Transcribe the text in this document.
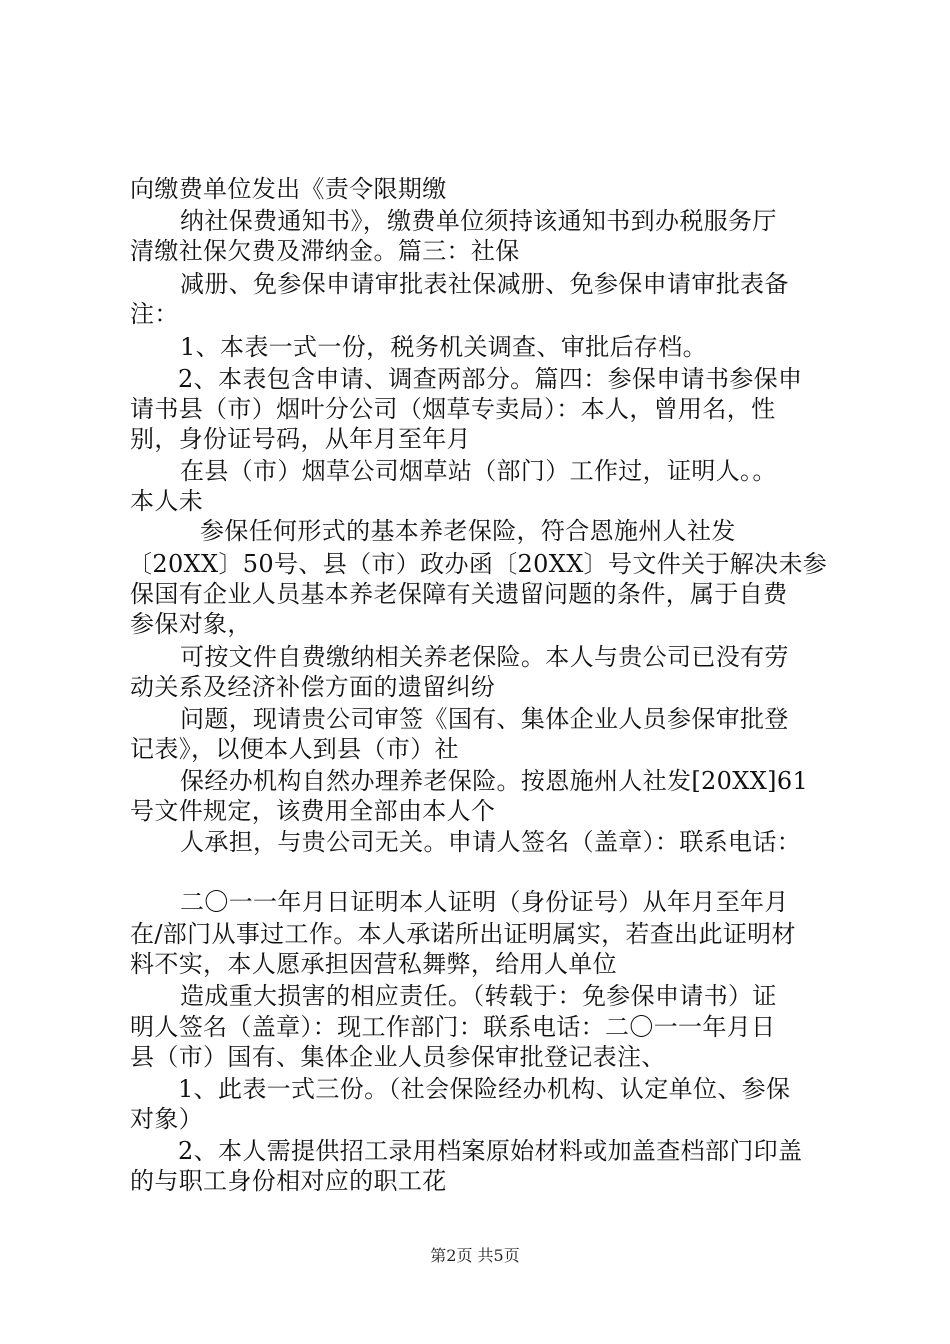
向缴费单位发出《责令限期缴
纳社保费通知书》，缴费单位须持该通知书到办税服务厅
清缴社保欠费及滞纳金。篇三：社保
减册、免参保申请审批表社保减册、免参保申请审批表备
注：
1、本表一式一份，税务机关调查、审批后存档。
2、本表包含申请、调查两部分。篇四：参保申请书参保申
请书县（市）烟叶分公司（烟草专卖局）：本人，曾用名，性
别，身份证号码，从年月至年月
在县（市）烟草公司烟草站（部门）工作过，证明人。。
本人未
参保任何形式的基本养老保险，符合恩施州人社发
〔20XX〕50号、县（市）政办函〔20XX〕号文件关于解决未参
保国有企业人员基本养老保障有关遗留问题的条件，属于自费
参保对象，
可按文件自费缴纳相关养老保险。本人与贵公司已没有劳
动关系及经济补偿方面的遗留纠纷
问题，现请贵公司审签《国有、集体企业人员参保审批登
记表》，以便本人到县（市）社
保经办机构自然办理养老保险。按恩施州人社发[20XX]61
号文件规定，该费用全部由本人个
人承担，与贵公司无关。申请人签名（盖章）：联系电话：
二〇一一年月日证明本人证明（身份证号）从年月至年月
在/部门从事过工作。本人承诺所出证明属实，若查出此证明材
料不实，本人愿承担因营私舞弊，给用人单位
造成重大损害的相应责任。（转载于：免参保申请书）证
明人签名（盖章）：现工作部门：联系电话：二〇一一年月日
县（市）国有、集体企业人员参保审批登记表注、
1、此表一式三份。（社会保险经办机构、认定单位、参保
对象）
2、本人需提供招工录用档案原始材料或加盖查档部门印盖
的与职工身份相对应的职工花
第2页 共5页
